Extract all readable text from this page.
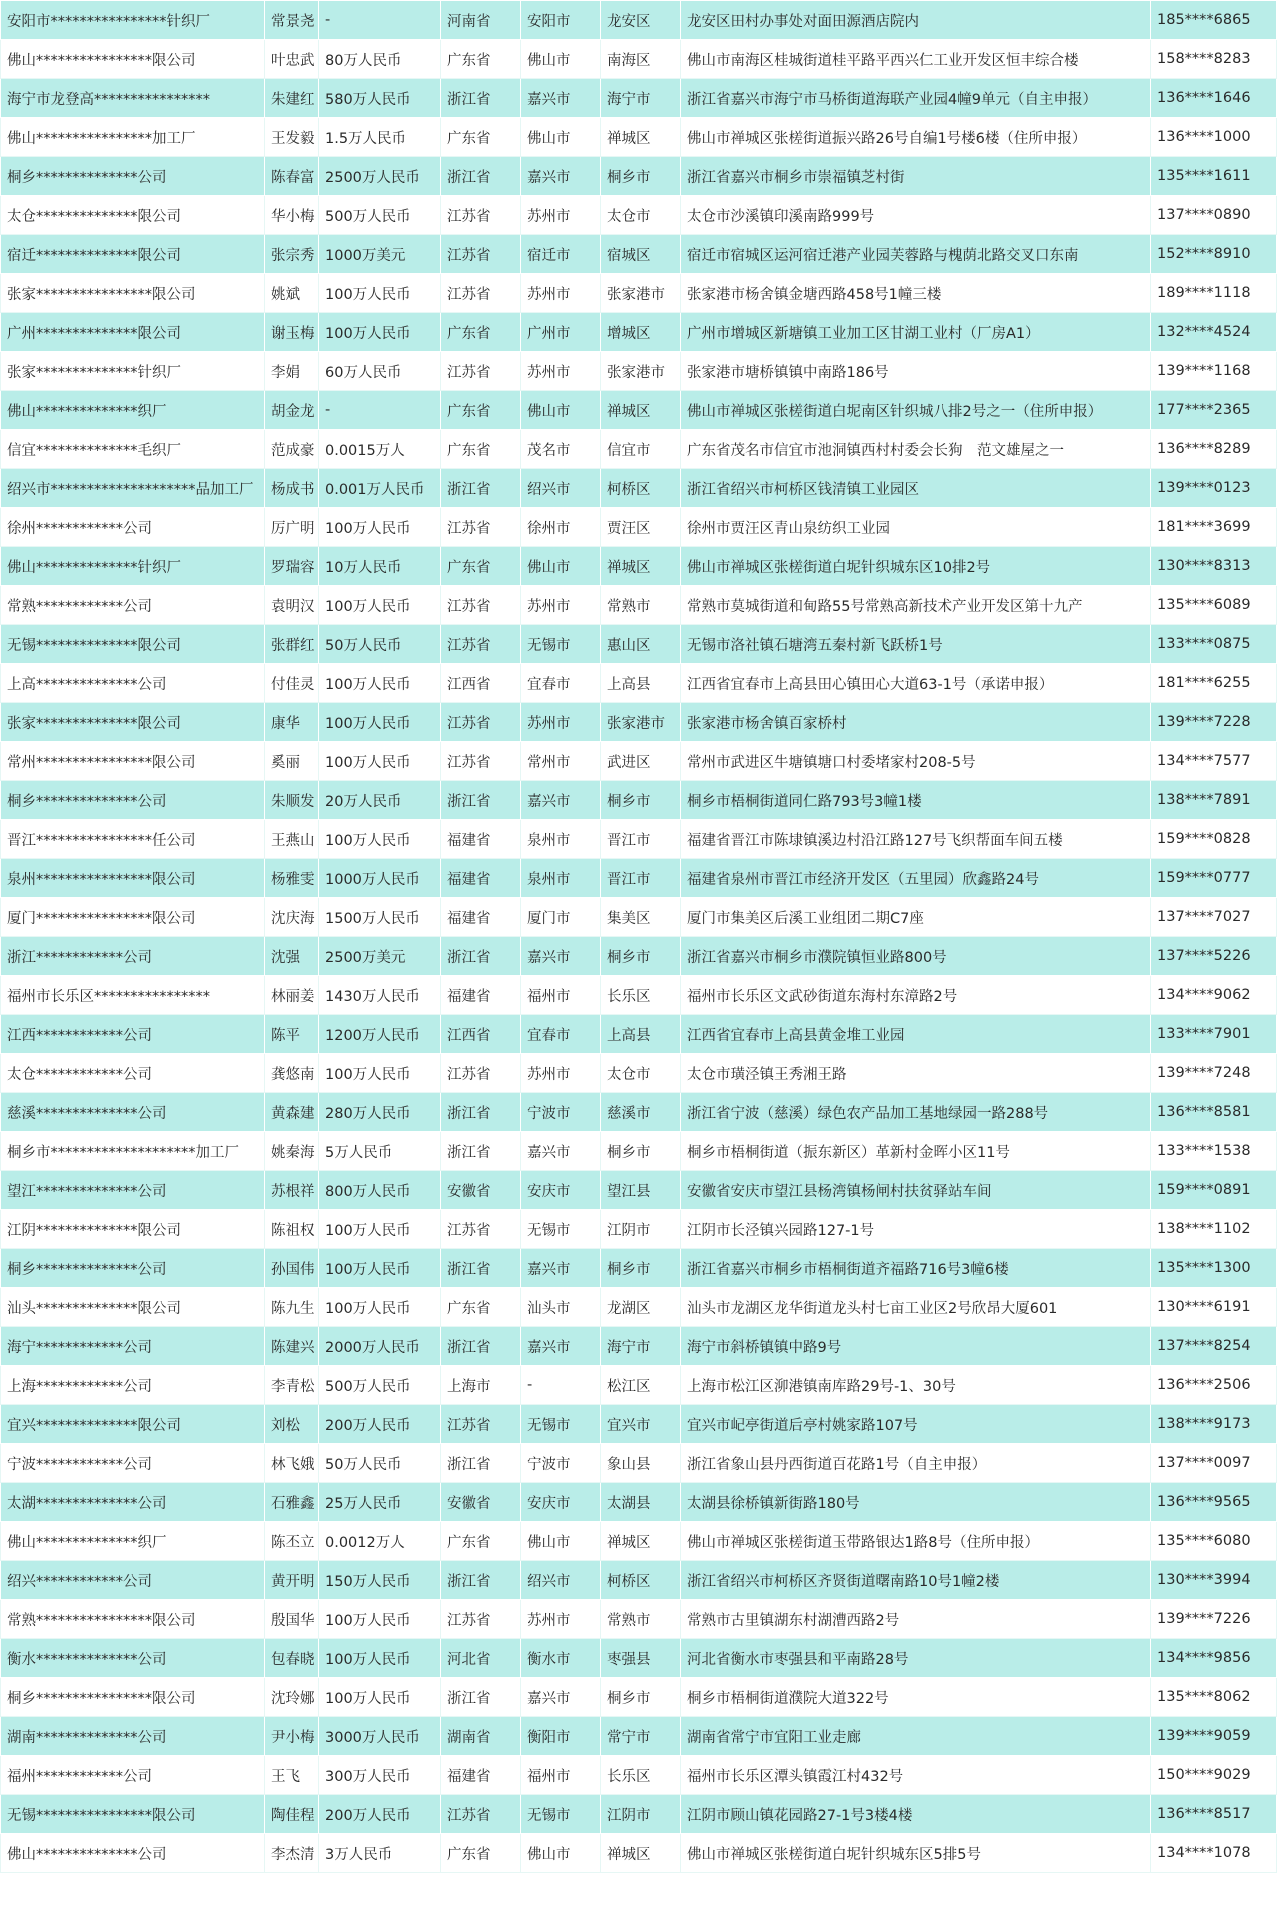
安阳市****************针织厂	常景尧	-	河南省	安阳市	龙安区	龙安区田村办事处对面田源酒店院内	185****6865
佛山****************限公司	叶忠武	80万人民币	广东省	佛山市	南海区	佛山市南海区桂城街道桂平路平西兴仁工业开发区恒丰综合楼	158****8283
海宁市龙登高****************	朱建红	580万人民币	浙江省	嘉兴市	海宁市	浙江省嘉兴市海宁市马桥街道海联产业园4幢9单元（自主申报）	136****1646
佛山****************加工厂	王发毅	1.5万人民币	广东省	佛山市	禅城区	佛山市禅城区张槎街道振兴路26号自编1号楼6楼（住所申报）	136****1000
桐乡**************公司	陈春富	2500万人民币	浙江省	嘉兴市	桐乡市	浙江省嘉兴市桐乡市崇福镇芝村街	135****1611
太仓**************限公司	华小梅	500万人民币	江苏省	苏州市	太仓市	太仓市沙溪镇印溪南路999号	137****0890
宿迁**************限公司	张宗秀	1000万美元	江苏省	宿迁市	宿城区	宿迁市宿城区运河宿迁港产业园芙蓉路与槐荫北路交叉口东南	152****8910
张家****************限公司	姚斌	100万人民币	江苏省	苏州市	张家港市	张家港市杨舍镇金塘西路458号1幢三楼	189****1118
广州**************限公司	谢玉梅	100万人民币	广东省	广州市	增城区	广州市增城区新塘镇工业加工区甘湖工业村（厂房A1）	132****4524
张家**************针织厂	李娟	60万人民币	江苏省	苏州市	张家港市	张家港市塘桥镇镇中南路186号	139****1168
佛山**************织厂	胡金龙	-	广东省	佛山市	禅城区	佛山市禅城区张槎街道白坭南区针织城八排2号之一（住所申报）	177****2365
信宜**************毛织厂	范成豪	0.0015万人	广东省	茂名市	信宜市	广东省茂名市信宜市池洞镇西村村委会长狗　范文雄屋之一	136****8289
绍兴市********************品加工厂	杨成书	0.001万人民币	浙江省	绍兴市	柯桥区	浙江省绍兴市柯桥区钱清镇工业园区	139****0123
徐州************公司	厉广明	100万人民币	江苏省	徐州市	贾汪区	徐州市贾汪区青山泉纺织工业园	181****3699
佛山**************针织厂	罗瑞容	10万人民币	广东省	佛山市	禅城区	佛山市禅城区张槎街道白坭针织城东区10排2号	130****8313
常熟************公司	袁明汉	100万人民币	江苏省	苏州市	常熟市	常熟市莫城街道和甸路55号常熟高新技术产业开发区第十九产	135****6089
无锡**************限公司	张群红	50万人民币	江苏省	无锡市	惠山区	无锡市洛社镇石塘湾五秦村新飞跃桥1号	133****0875
上高**************公司	付佳灵	100万人民币	江西省	宜春市	上高县	江西省宜春市上高县田心镇田心大道63-1号（承诺申报）	181****6255
张家**************限公司	康华	100万人民币	江苏省	苏州市	张家港市	张家港市杨舍镇百家桥村	139****7228
常州****************限公司	奚丽	100万人民币	江苏省	常州市	武进区	常州市武进区牛塘镇塘口村委堵家村208-5号	134****7577
桐乡**************公司	朱顺发	20万人民币	浙江省	嘉兴市	桐乡市	桐乡市梧桐街道同仁路793号3幢1楼	138****7891
晋江****************任公司	王燕山	100万人民币	福建省	泉州市	晋江市	福建省晋江市陈埭镇溪边村沿江路127号飞织帮面车间五楼	159****0828
泉州****************限公司	杨雅雯	1000万人民币	福建省	泉州市	晋江市	福建省泉州市晋江市经济开发区（五里园）欣鑫路24号	159****0777
厦门****************限公司	沈庆海	1500万人民币	福建省	厦门市	集美区	厦门市集美区后溪工业组团二期C7座	137****7027
浙江************公司	沈强	2500万美元	浙江省	嘉兴市	桐乡市	浙江省嘉兴市桐乡市濮院镇恒业路800号	137****5226
福州市长乐区****************	林丽姜	1430万人民币	福建省	福州市	长乐区	福州市长乐区文武砂街道东海村东漳路2号	134****9062
江西************公司	陈平	1200万人民币	江西省	宜春市	上高县	江西省宜春市上高县黄金堆工业园	133****7901
太仓************公司	龚悠南	100万人民币	江苏省	苏州市	太仓市	太仓市璜泾镇王秀湘王路	139****7248
慈溪**************公司	黄森建	280万人民币	浙江省	宁波市	慈溪市	浙江省宁波（慈溪）绿色农产品加工基地绿园一路288号	136****8581
桐乡市********************加工厂	姚秦海	5万人民币	浙江省	嘉兴市	桐乡市	桐乡市梧桐街道（振东新区）革新村金晖小区11号	133****1538
望江**************公司	苏根祥	800万人民币	安徽省	安庆市	望江县	安徽省安庆市望江县杨湾镇杨闸村扶贫驿站车间	159****0891
江阴**************限公司	陈祖权	100万人民币	江苏省	无锡市	江阴市	江阴市长泾镇兴园路127-1号	138****1102
桐乡**************公司	孙国伟	100万人民币	浙江省	嘉兴市	桐乡市	浙江省嘉兴市桐乡市梧桐街道齐福路716号3幢6楼	135****1300
汕头**************限公司	陈九生	100万人民币	广东省	汕头市	龙湖区	汕头市龙湖区龙华街道龙头村七亩工业区2号欣昂大厦601	130****6191
海宁************公司	陈建兴	2000万人民币	浙江省	嘉兴市	海宁市	海宁市斜桥镇镇中路9号	137****8254
上海************公司	李青松	500万人民币	上海市	-	松江区	上海市松江区泖港镇南库路29号-1、30号	136****2506
宜兴**************限公司	刘松	200万人民币	江苏省	无锡市	宜兴市	宜兴市屺亭街道后亭村姚家路107号	138****9173
宁波************公司	林飞娥	50万人民币	浙江省	宁波市	象山县	浙江省象山县丹西街道百花路1号（自主申报）	137****0097
太湖**************公司	石雅鑫	25万人民币	安徽省	安庆市	太湖县	太湖县徐桥镇新街路180号	136****9565
佛山**************织厂	陈丕立	0.0012万人	广东省	佛山市	禅城区	佛山市禅城区张槎街道玉带路银达1路8号（住所申报）	135****6080
绍兴************公司	黄开明	150万人民币	浙江省	绍兴市	柯桥区	浙江省绍兴市柯桥区齐贤街道曙南路10号1幢2楼	130****3994
常熟****************限公司	殷国华	100万人民币	江苏省	苏州市	常熟市	常熟市古里镇湖东村湖漕西路2号	139****7226
衡水**************公司	包春晓	100万人民币	河北省	衡水市	枣强县	河北省衡水市枣强县和平南路28号	134****9856
桐乡****************限公司	沈玲娜	100万人民币	浙江省	嘉兴市	桐乡市	桐乡市梧桐街道濮院大道322号	135****8062
湖南**************公司	尹小梅	3000万人民币	湖南省	衡阳市	常宁市	湖南省常宁市宜阳工业走廊	139****9059
福州************公司	王飞	300万人民币	福建省	福州市	长乐区	福州市长乐区潭头镇霞江村432号	150****9029
无锡****************限公司	陶佳程	200万人民币	江苏省	无锡市	江阴市	江阴市顾山镇花园路27-1号3楼4楼	136****8517
佛山**************公司	李杰清	3万人民币	广东省	佛山市	禅城区	佛山市禅城区张槎街道白坭针织城东区5排5号	134****1078
